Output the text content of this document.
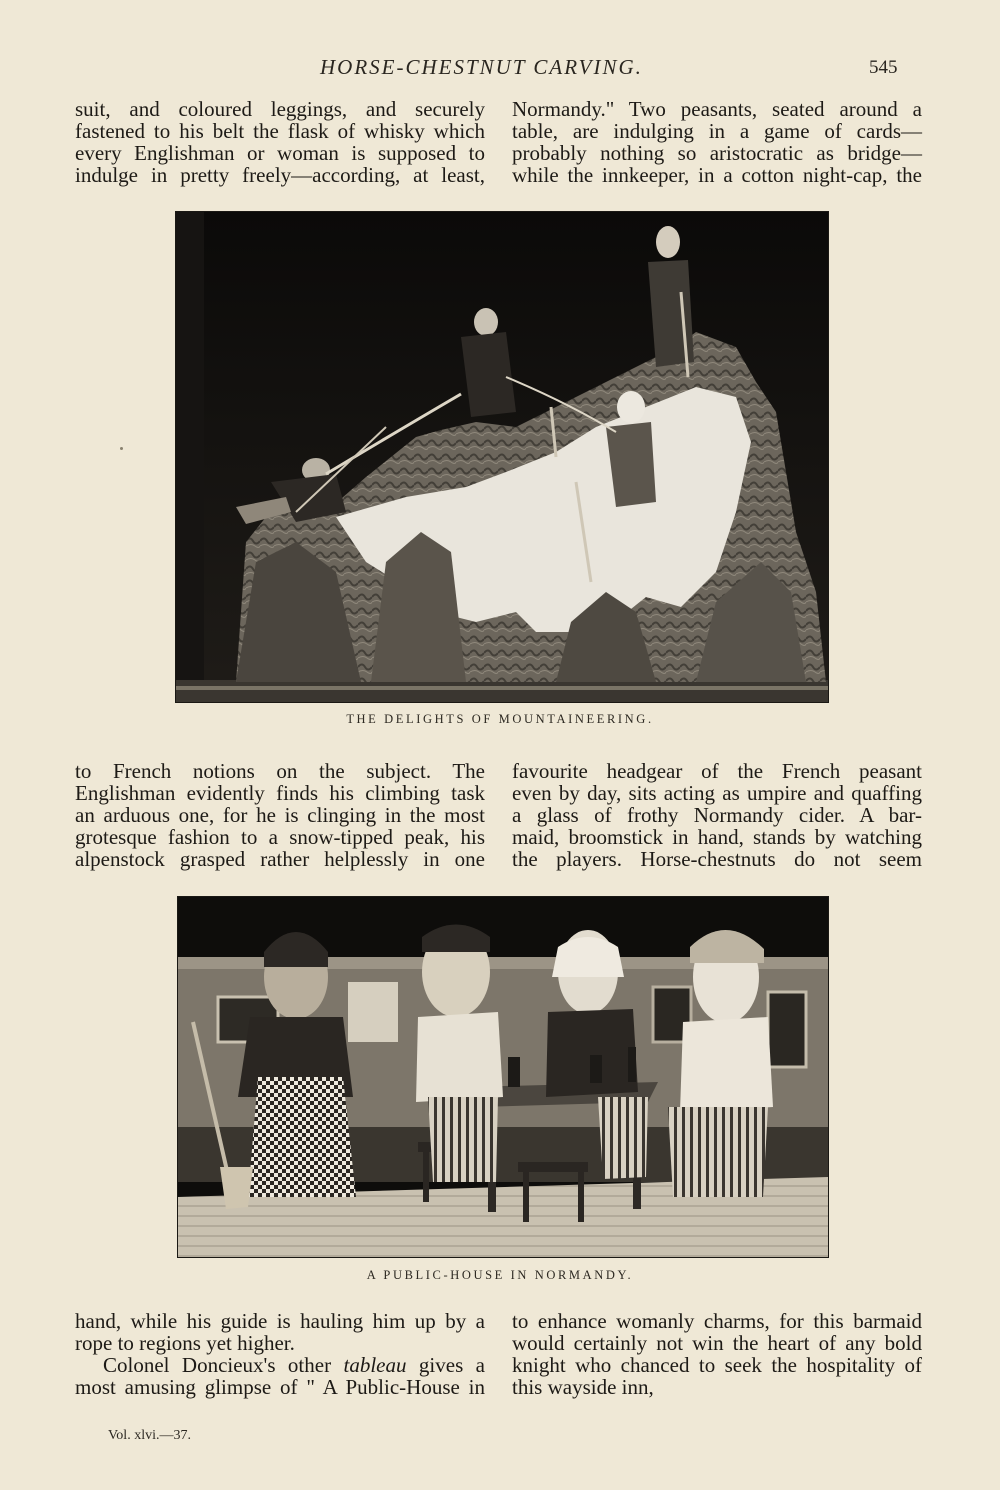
HORSE-CHESTNUT CARVING.	545
suit, and coloured leggings, and securely
fastened to his belt the flask of whisky which
every Englishman or woman is supposed to
indulge in pretty freely—according, at least,
Normandy." Two peasants, seated around a
table, are indulging in a game of cards—
probably nothing so aristocratic as bridge—
while the innkeeper, in a cotton night-cap, the
THE DELIGHTS OF MOUNTAINEERING.
to French notions on the subject. The
Englishman evidently finds his climbing task
an arduous one, for he is clinging in the most
grotesque fashion to a snow-tipped peak, his
alpenstock grasped rather helplessly in one
favourite headgear of the French peasant
even by day, sits acting as umpire and quaffing
a glass of frothy Normandy cider. A bar-
maid, broomstick in hand, stands by watching
the players. Horse-chestnuts do not seem
A PUBLIC-HOUSE IN NORMANDY.
hand, while his guide is hauling him up by a
rope to regions yet higher.
Colonel Doncieux's other tableau gives a
most amusing glimpse of " A Public-House in
to enhance womanly charms, for this barmaid
would certainly not win the heart of any bold
knight who chanced to seek the hospitality of
this wayside inn,
Vol. xlvi.—37.
